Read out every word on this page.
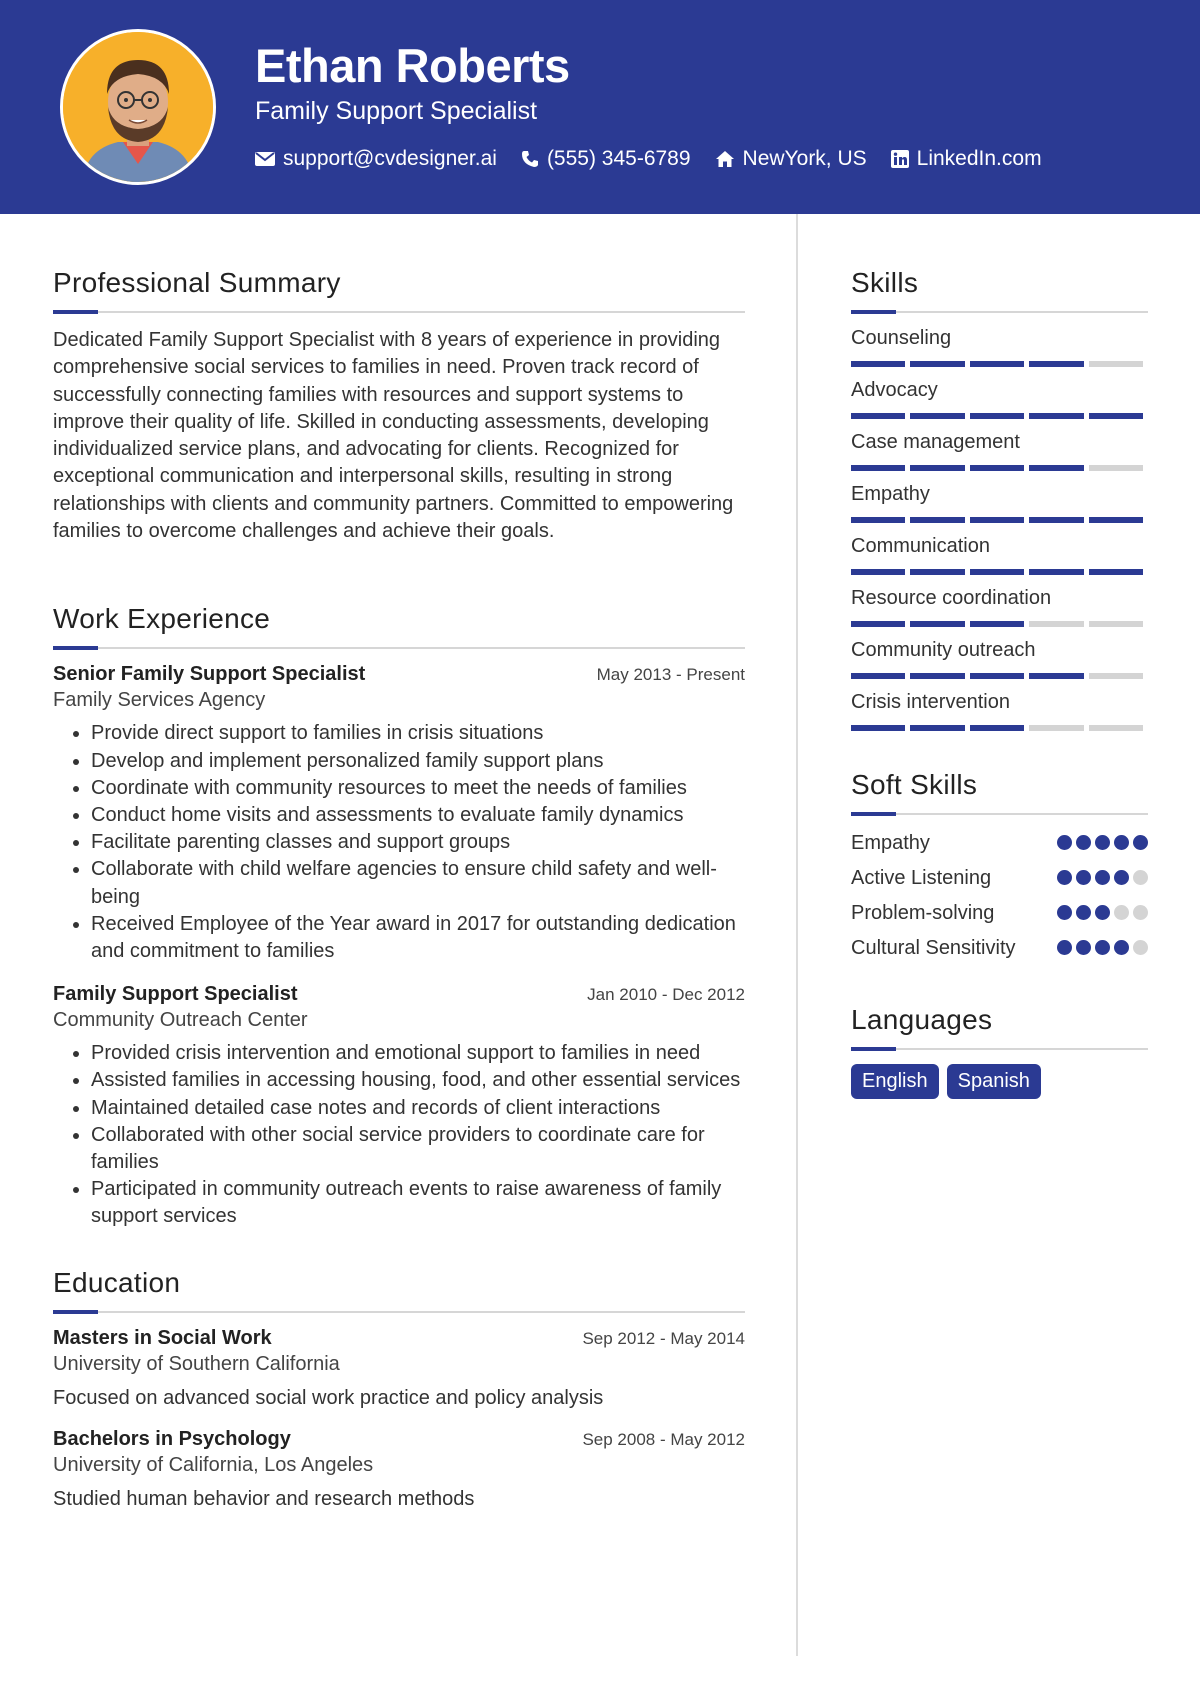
Ethan Roberts
Family Support Specialist
support@cvdesigner.ai (555) 345-6789 NewYork, US LinkedIn.com
Professional Summary

Dedicated Family Support Specialist with 8 years of experience in providing comprehensive social services to families in need. Proven track record of successfully connecting families with resources and support systems to improve their quality of life. Skilled in conducting assessments, developing individualized service plans, and advocating for clients. Recognized for exceptional communication and interpersonal skills, resulting in strong relationships with clients and community partners. Committed to empowering families to overcome challenges and achieve their goals.

Work Experience
Senior Family Support Specialist	May 2013 - Present
Family Services Agency
• Provide direct support to families in crisis situations
• Develop and implement personalized family support plans
• Coordinate with community resources to meet the needs of families
• Conduct home visits and assessments to evaluate family dynamics
• Facilitate parenting classes and support groups
• Collaborate with child welfare agencies to ensure child safety and well-being
• Received Employee of the Year award in 2017 for outstanding dedication and commitment to families
Family Support Specialist	Jan 2010 - Dec 2012
Community Outreach Center
• Provided crisis intervention and emotional support to families in need
• Assisted families in accessing housing, food, and other essential services
• Maintained detailed case notes and records of client interactions
• Collaborated with other social service providers to coordinate care for families
• Participated in community outreach events to raise awareness of family support services
Education
Masters in Social Work	Sep 2012 - May 2014
University of Southern California
Focused on advanced social work practice and policy analysis
Bachelors in Psychology	Sep 2008 - May 2012
University of California, Los Angeles
Studied human behavior and research methods
Skills
Counseling
Advocacy
Case management
Empathy
Communication
Resource coordination
Community outreach
Crisis intervention
Soft Skills
Empathy
Active Listening
Problem-solving
Cultural Sensitivity
Languages
English	Spanish
